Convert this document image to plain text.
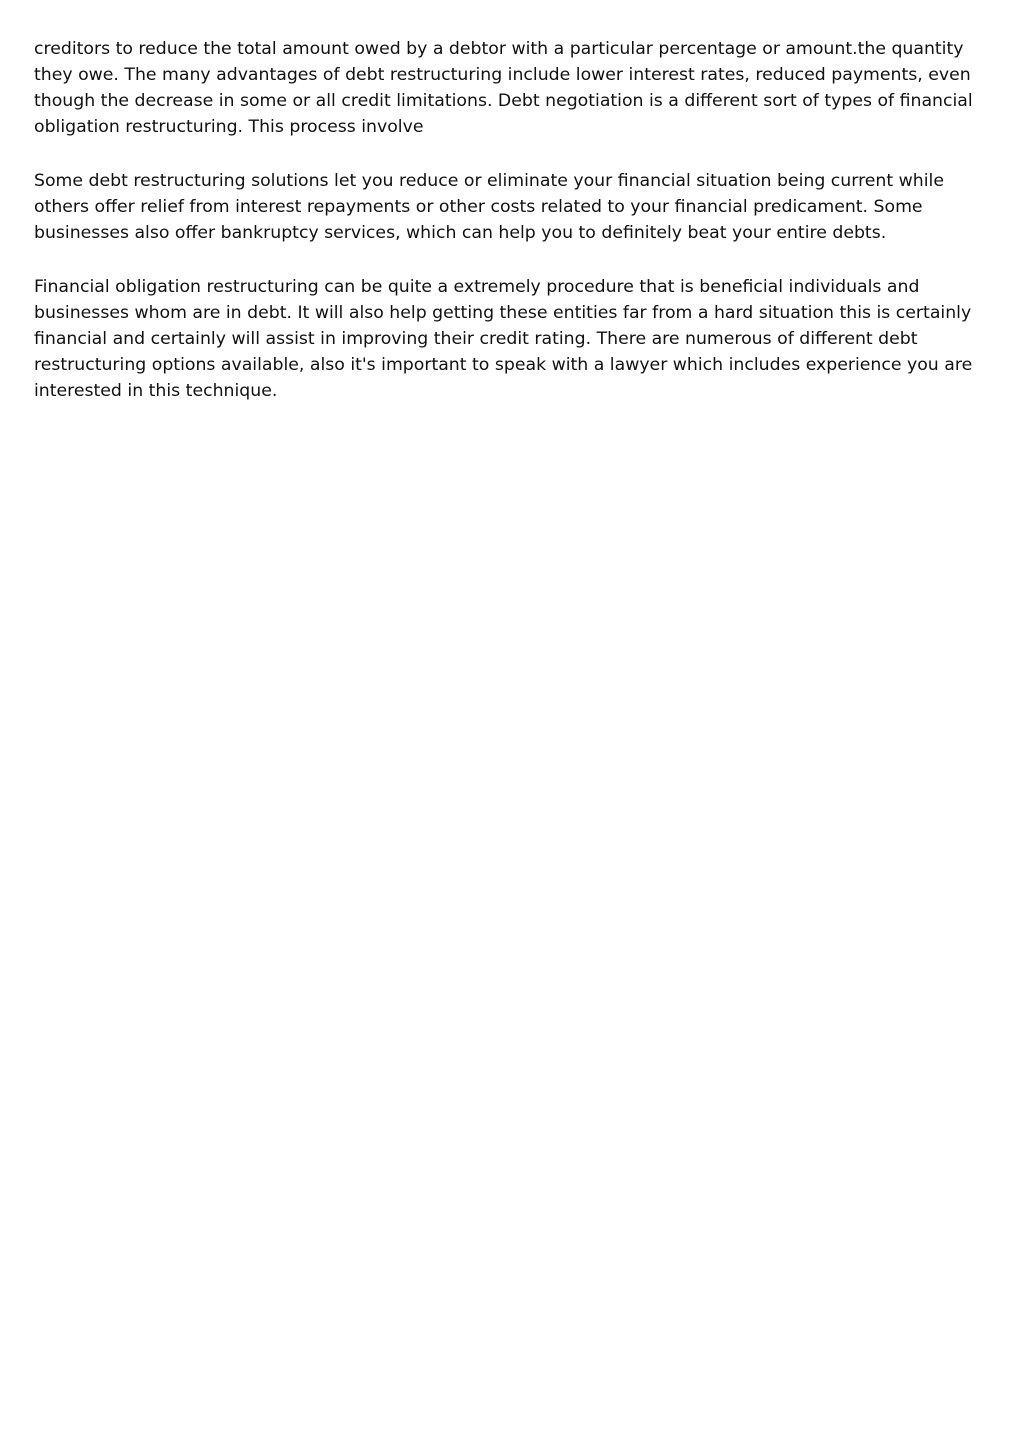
creditors to reduce the total amount owed by a debtor with a particular percentage or amount.the quantity they owe. The many advantages of debt restructuring include lower interest rates, reduced payments, even though the decrease in some or all credit limitations. Debt negotiation is a different sort of types of financial obligation restructuring. This process involve

Some debt restructuring solutions let you reduce or eliminate your financial situation being current while others offer relief from interest repayments or other costs related to your financial predicament. Some businesses also offer bankruptcy services, which can help you to definitely beat your entire debts.

Financial obligation restructuring can be quite a extremely procedure that is beneficial individuals and businesses whom are in debt. It will also help getting these entities far from a hard situation this is certainly financial and certainly will assist in improving their credit rating. There are numerous of different debt restructuring options available, also it's important to speak with a lawyer which includes experience you are interested in this technique.
